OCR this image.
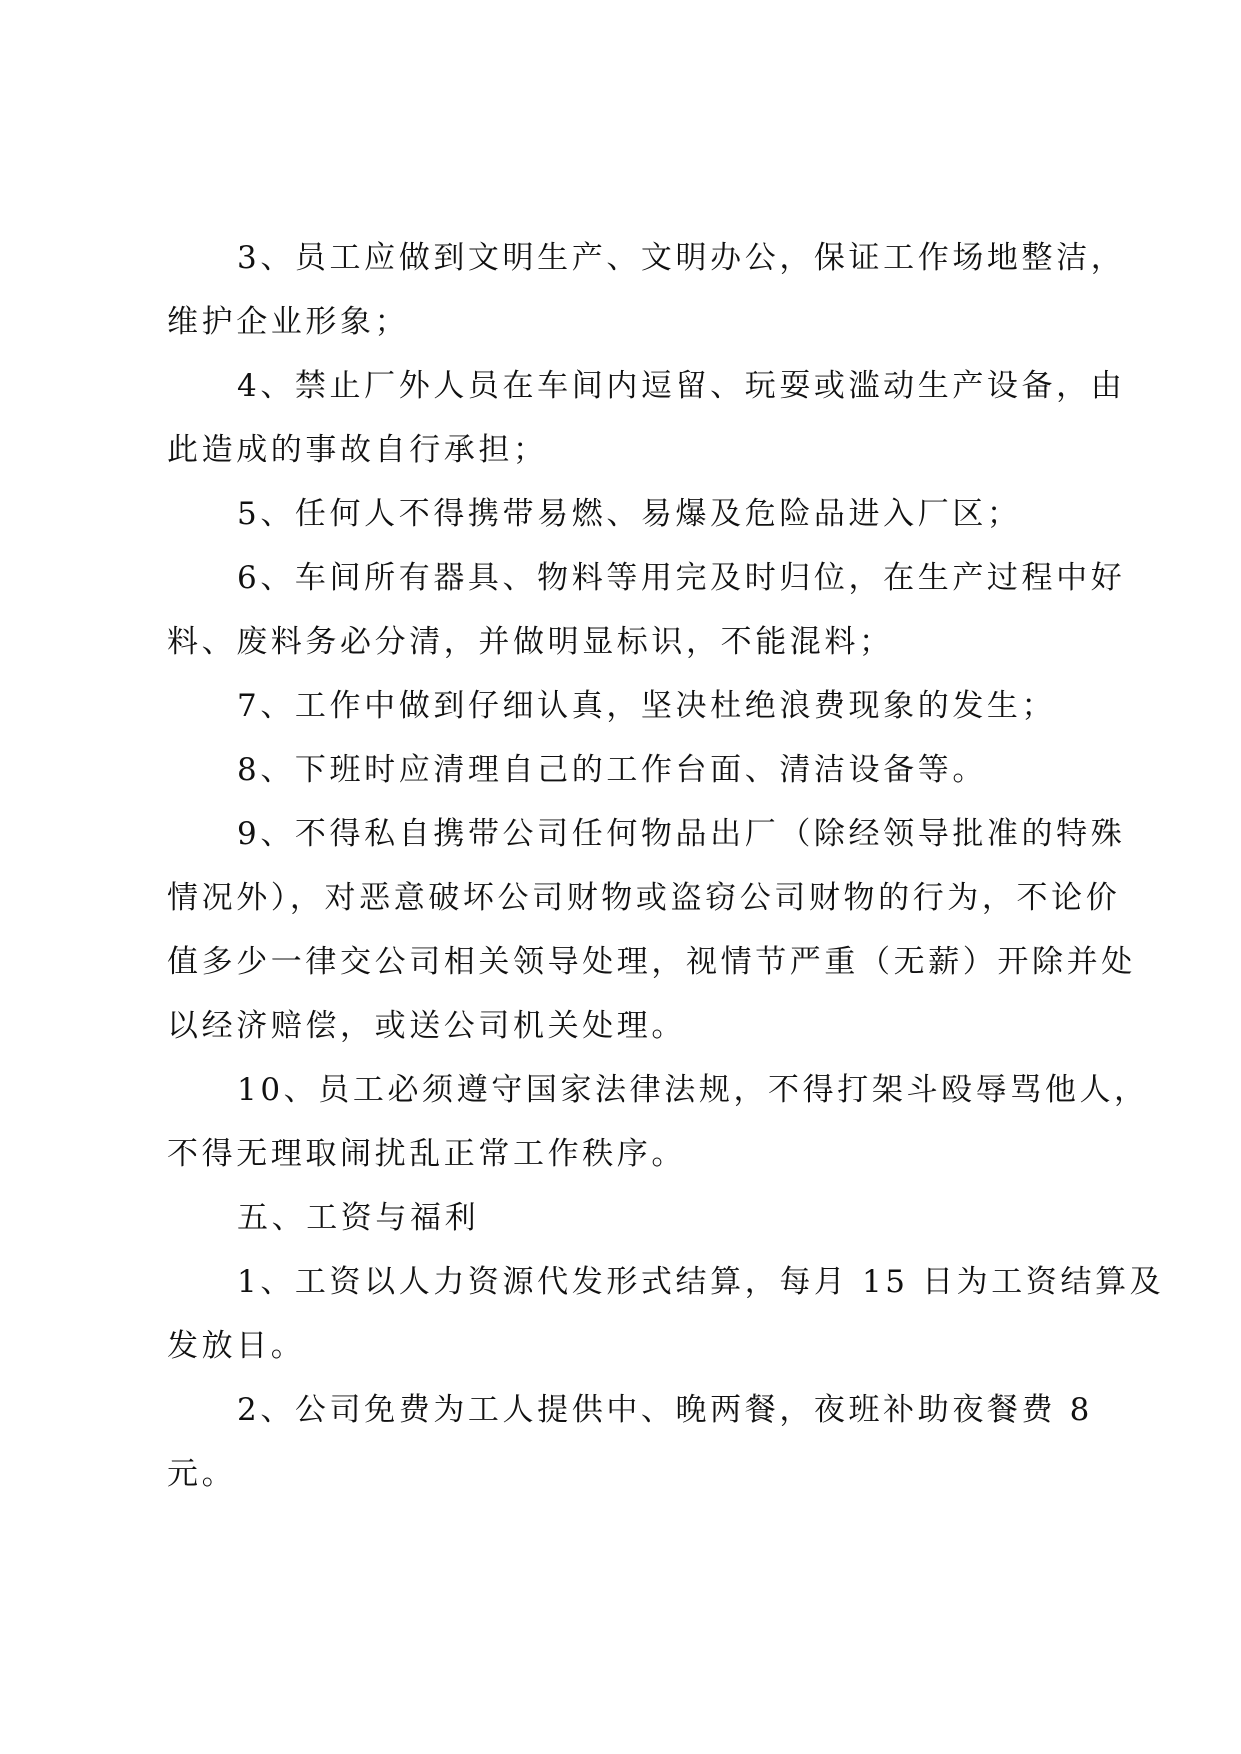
3、员工应做到文明生产、文明办公，保证工作场地整洁，
维护企业形象；

4、禁止厂外人员在车间内逗留、玩耍或滥动生产设备，由
此造成的事故自行承担；

5、任何人不得携带易燃、易爆及危险品进入厂区；

6、车间所有器具、物料等用完及时归位，在生产过程中好
料、废料务必分清，并做明显标识，不能混料；

7、工作中做到仔细认真，坚决杜绝浪费现象的发生；

8、下班时应清理自己的工作台面、清洁设备等。

9、不得私自携带公司任何物品出厂（除经领导批准的特殊
情况外），对恶意破坏公司财物或盗窃公司财物的行为，不论价
值多少一律交公司相关领导处理，视情节严重（无薪）开除并处
以经济赔偿，或送公司机关处理。

10、员工必须遵守国家法律法规，不得打架斗殴辱骂他人，
不得无理取闹扰乱正常工作秩序。

五、工资与福利

1、工资以人力资源代发形式结算，每月 15 日为工资结算及
发放日。

2、公司免费为工人提供中、晚两餐，夜班补助夜餐费 8
元。
